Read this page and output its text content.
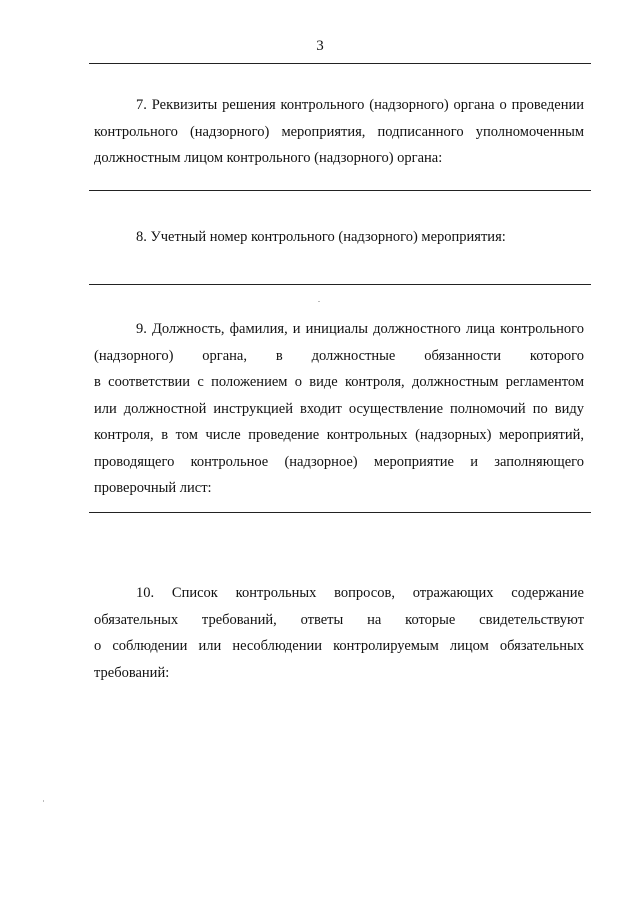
3
7. Реквизиты решения контрольного (надзорного) органа о проведении
контрольного (надзорного) мероприятия, подписанного уполномоченным
должностным лицом контрольного (надзорного) органа:
8. Учетный номер контрольного (надзорного) мероприятия:
9. Должность, фамилия, и инициалы должностного лица контрольного
(надзорного) органа, в должностные обязанности которого
в соответствии с положением о виде контроля, должностным регламентом
или должностной инструкцией входит осуществление полномочий по виду
контроля, в том числе проведение контрольных (надзорных) мероприятий,
проводящего контрольное (надзорное) мероприятие и заполняющего
проверочный лист:
10. Список контрольных вопросов, отражающих содержание
обязательных требований, ответы на которые свидетельствуют
о соблюдении или несоблюдении контролируемым лицом обязательных
требований:
